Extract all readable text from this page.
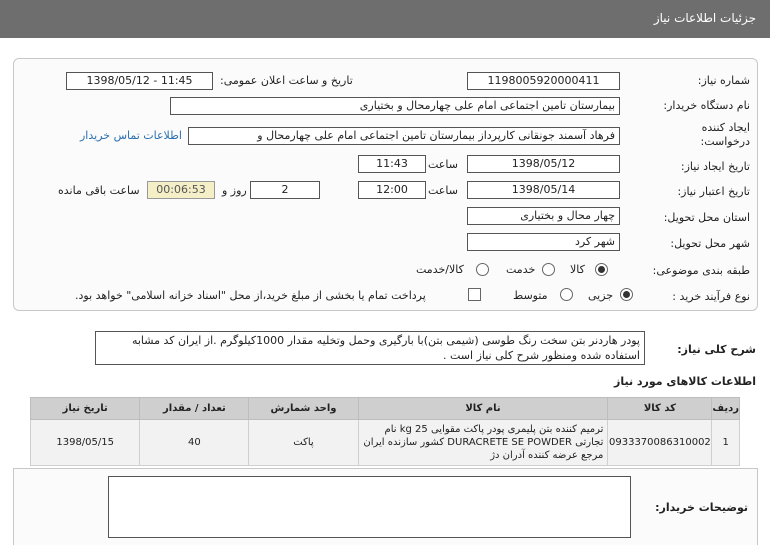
جزئیات اطلاعات نیاز
شماره نیاز:
1198005920000411
تاریخ و ساعت اعلان عمومی:
1398/05/12 - 11:45
نام دستگاه خریدار:
بیمارستان تامین اجتماعی امام علی چهارمحال و بختیاری
ایجاد کننده
درخواست:
فرهاد آسمند جونقانی کارپرداز بیمارستان تامین اجتماعی امام علی چهارمحال و
اطلاعات تماس خریدار
تاریخ ایجاد نیاز:
1398/05/12
ساعت
11:43
تاریخ اعتبار نیاز:
1398/05/14
ساعت
12:00
2
روز و
00:06:53
ساعت باقی مانده
استان محل تحویل:
چهار محال و بختیاری
شهر محل تحویل:
شهر کرد
طبقه بندی موضوعی:
کالا
خدمت
کالا/خدمت
نوع فرآیند خرید :
جزیی
متوسط
پرداخت تمام یا بخشی از مبلغ خرید،از محل "اسناد خزانه اسلامی" خواهد بود.
شرح کلی نیاز:
پودر هاردنر بتن سخت رنگ طوسی (شیمی بتن)با بارگیری وحمل وتخلیه مقدار 1000کیلوگرم .از ایران کد مشابه استفاده شده ومنظور شرح کلی نیاز است .
اطلاعات کالاهای مورد نیاز
تاریخ نیاز	تعداد / مقدار	واحد شمارش	نام کالا	کد کالا	ردیف
1398/05/15	40	پاکت	ترمیم کننده بتن پلیمری پودر پاکت مقوایی 25 kg نام تجارتی DURACRETE SE POWDER کشور سازنده ایران مرجع عرضه کننده آدران دژ	0933370086310002	1
توضیحات خریدار:
